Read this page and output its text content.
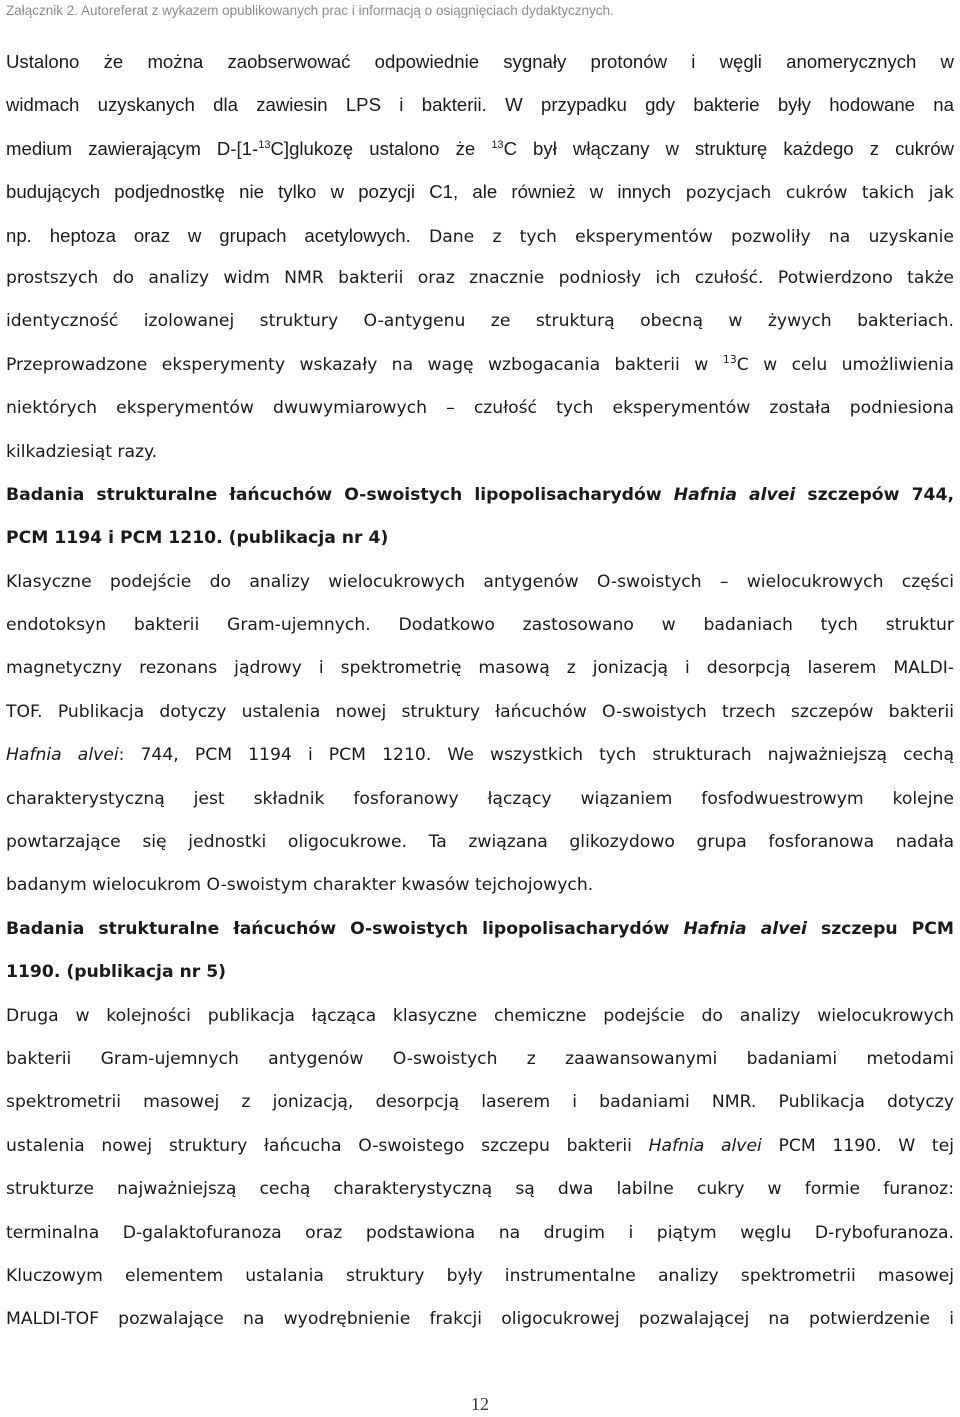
Załącznik 2. Autoreferat z wykazem opublikowanych prac i informacją o osiągnięciach dydaktycznych.
Ustalono że można zaobserwować odpowiednie sygnały protonów i węgli anomerycznych w
widmach uzyskanych dla zawiesin LPS i bakterii. W przypadku gdy bakterie były hodowane na
medium zawierającym D-[1-$^{13}$C]glukozę ustalono że $^{13}$C był włączany w strukturę każdego z cukrów
budujących podjednostkę nie tylko w pozycji C1, ale również w innych pozycjach cukrów takich jak
np. heptoza oraz w grupach acetylowych. Dane z tych eksperymentów pozwoliły na uzyskanie
prostszych do analizy widm NMR bakterii oraz znacznie podniosły ich czułość. Potwierdzono także
identyczność izolowanej struktury O-antygenu ze strukturą obecną w żywych bakteriach.
Przeprowadzone eksperymenty wskazały na wagę wzbogacania bakterii w $^{13}$C w celu umożliwienia
niektórych eksperymentów dwuwymiarowych – czułość tych eksperymentów została podniesiona
kilkadziesiąt razy.
Badania strukturalne łańcuchów O-swoistych lipopolisacharydów Hafnia alvei szczepów 744,
PCM 1194 i PCM 1210. (publikacja nr 4)
Klasyczne podejście do analizy wielocukrowych antygenów O-swoistych – wielocukrowych części
endotoksyn bakterii Gram-ujemnych. Dodatkowo zastosowano w badaniach tych struktur
magnetyczny rezonans jądrowy i spektrometrię masową z jonizacją i desorpcją laserem MALDI-
TOF. Publikacja dotyczy ustalenia nowej struktury łańcuchów O-swoistych trzech szczepów bakterii
Hafnia alvei: 744, PCM 1194 i PCM 1210. We wszystkich tych strukturach najważniejszą cechą
charakterystyczną jest składnik fosforanowy łączący wiązaniem fosfodwuestrowym kolejne
powtarzające się jednostki oligocukrowe. Ta związana glikozydowo grupa fosforanowa nadała
badanym wielocukrom O-swoistym charakter kwasów tejchojowych.
Badania strukturalne łańcuchów O-swoistych lipopolisacharydów Hafnia alvei szczepu PCM
1190. (publikacja nr 5)
Druga w kolejności publikacja łącząca klasyczne chemiczne podejście do analizy wielocukrowych
bakterii Gram-ujemnych antygenów O-swoistych z zaawansowanymi badaniami metodami
spektrometrii masowej z jonizacją, desorpcją laserem i badaniami NMR. Publikacja dotyczy
ustalenia nowej struktury łańcucha O-swoistego szczepu bakterii Hafnia alvei PCM 1190. W tej
strukturze najważniejszą cechą charakterystyczną są dwa labilne cukry w formie furanoz:
terminalna D-galaktofuranoza oraz podstawiona na drugim i piątym węglu D-rybofuranoza.
Kluczowym elementem ustalania struktury były instrumentalne analizy spektrometrii masowej
MALDI-TOF pozwalające na wyodrębnienie frakcji oligocukrowej pozwalającej na potwierdzenie i
12
